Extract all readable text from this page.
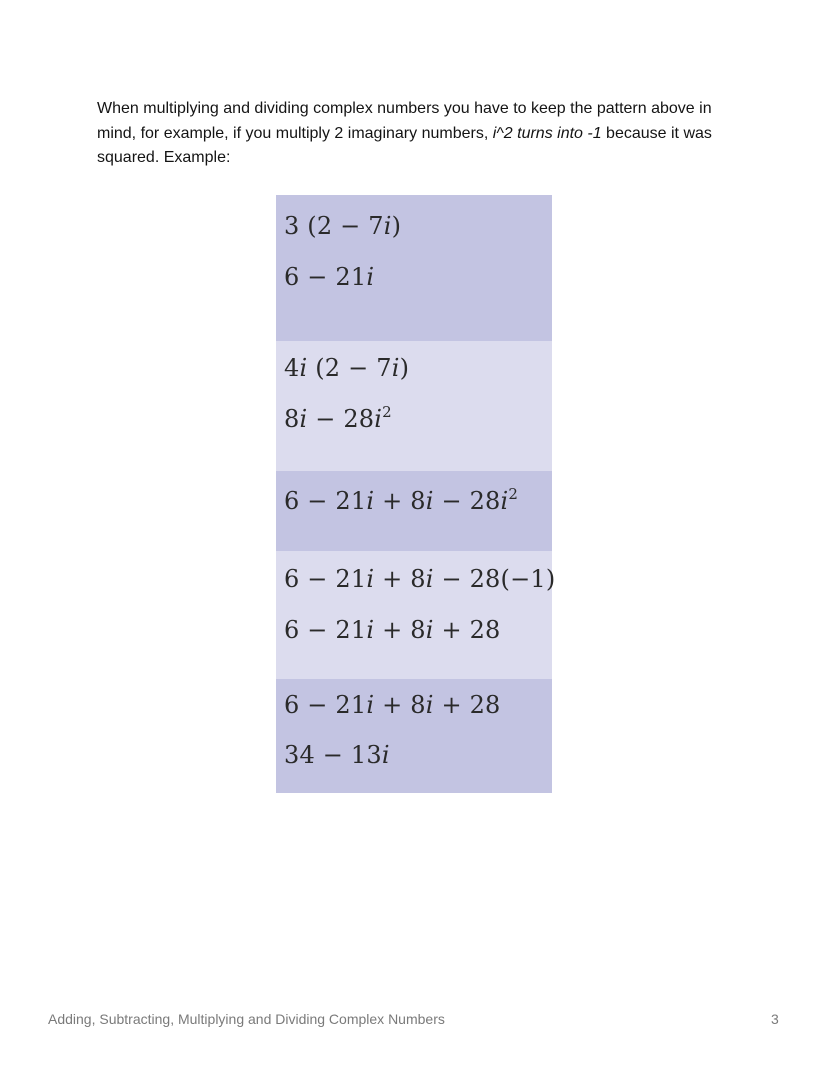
When multiplying and dividing complex numbers you have to keep the pattern above in mind, for example, if you multiply 2 imaginary numbers, i^2 turns into -1 because it was squared. Example:

3 (2 − 7i)
6 − 21i
4i (2 − 7i)
$8i - 28i^2$
$6 - 21i + 8i - 28i^2$
6 − 21i + 8i − 28(−1)
6 − 21i + 8i + 28
6 − 21i + 8i + 28
34 − 13i
Adding, Subtracting, Multiplying and Dividing Complex Numbers	3
